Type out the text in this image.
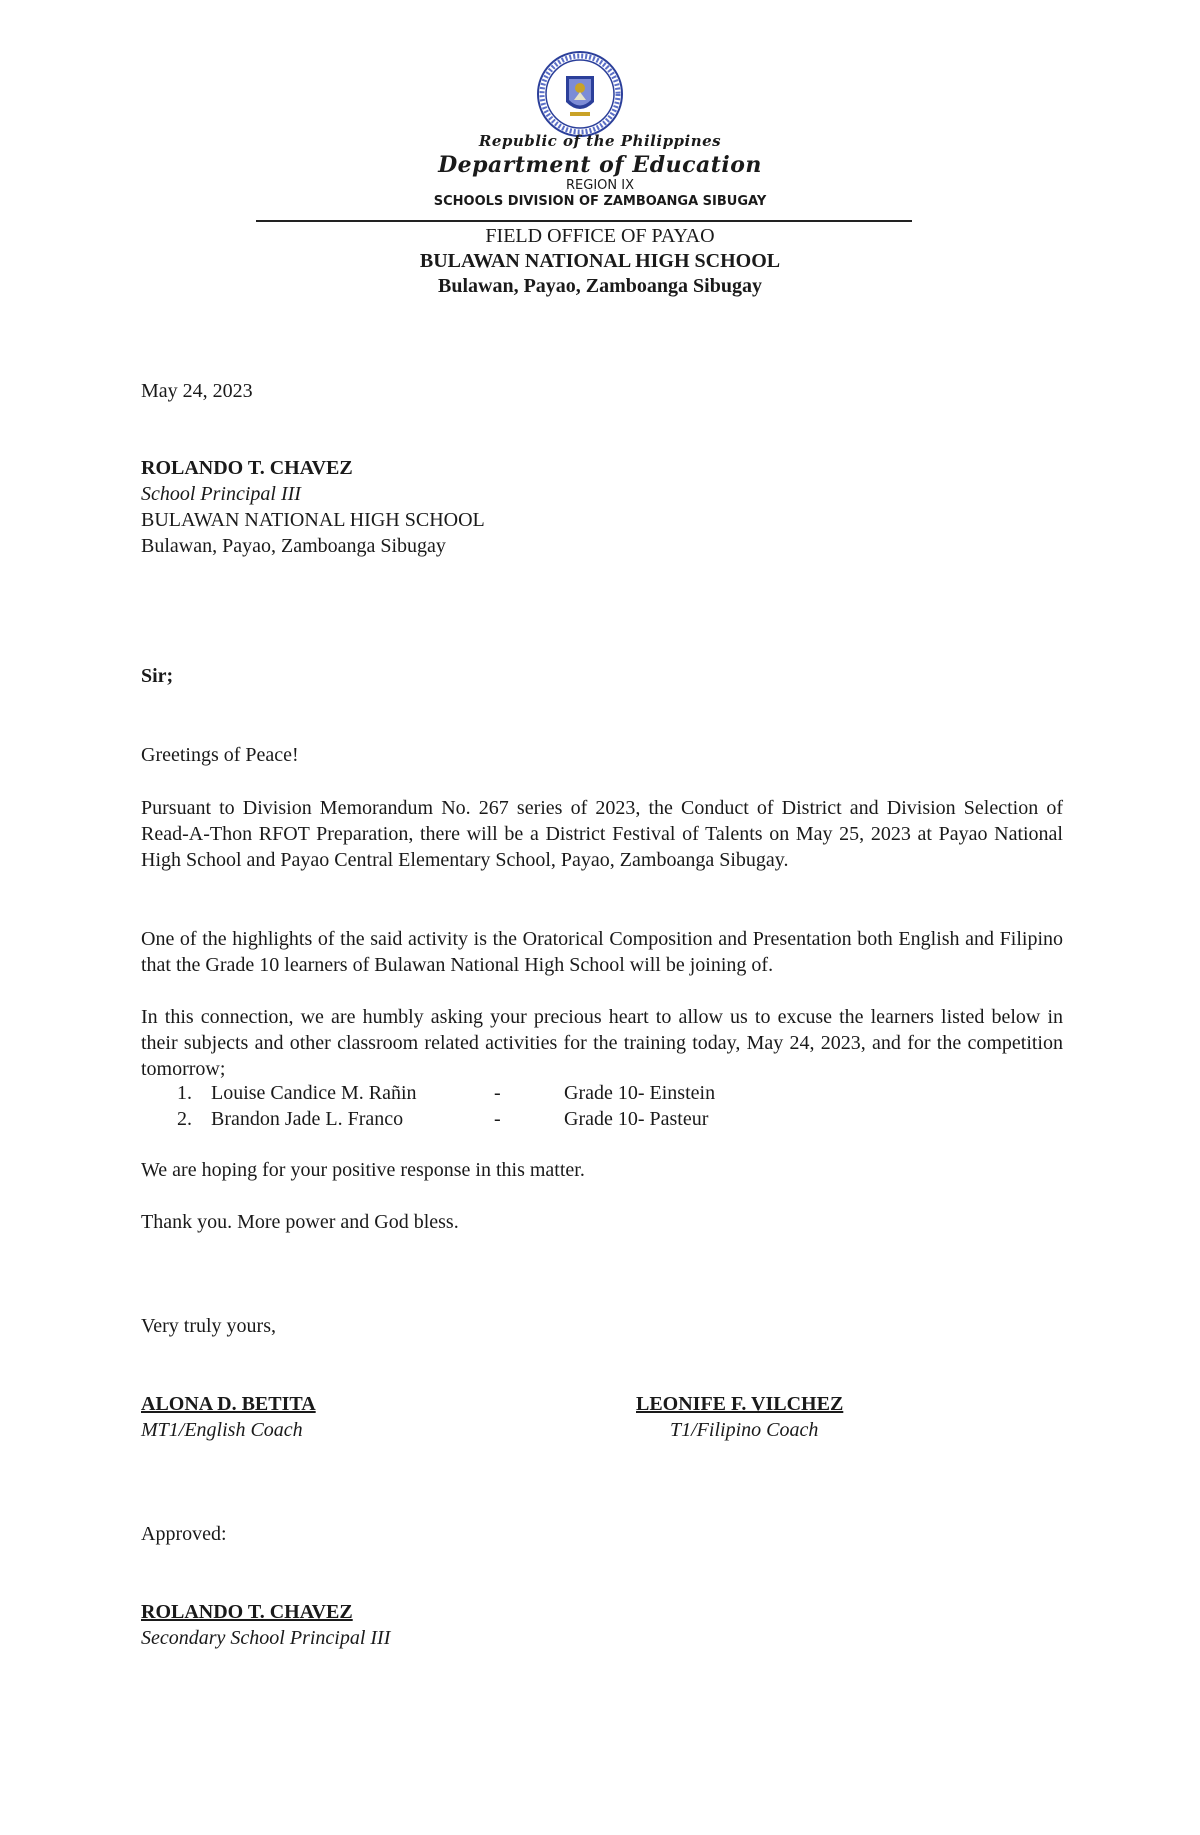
Republic of the Philippines
Department of Education
REGION IX
SCHOOLS DIVISION OF ZAMBOANGA SIBUGAY
FIELD OFFICE OF PAYAO
BULAWAN NATIONAL HIGH SCHOOL
Bulawan, Payao, Zamboanga Sibugay
May 24, 2023
ROLANDO T. CHAVEZ
School Principal III
BULAWAN NATIONAL HIGH SCHOOL
Bulawan, Payao, Zamboanga Sibugay
Sir;
Greetings of Peace!
Pursuant to Division Memorandum No. 267 series of 2023, the Conduct of District and Division Selection of Read-A-Thon RFOT Preparation, there will be a District Festival of Talents on May 25, 2023 at Payao National High School and Payao Central Elementary School, Payao, Zamboanga Sibugay.
One of the highlights of the said activity is the Oratorical Composition and Presentation both English and Filipino that the Grade 10 learners of Bulawan National High School will be joining of.
In this connection, we are humbly asking your precious heart to allow us to excuse the learners listed below in their subjects and other classroom related activities for the training today, May 24, 2023, and for the competition tomorrow;
1. Louise Candice M. Rañin	-	Grade 10- Einstein
2. Brandon Jade L. Franco	-	Grade 10- Pasteur
We are hoping for your positive response in this matter.
Thank you. More power and God bless.
Very truly yours,
ALONA D. BETITA
MT1/English Coach
LEONIFE F. VILCHEZ
T1/Filipino Coach
Approved:
ROLANDO T. CHAVEZ
Secondary School Principal III
